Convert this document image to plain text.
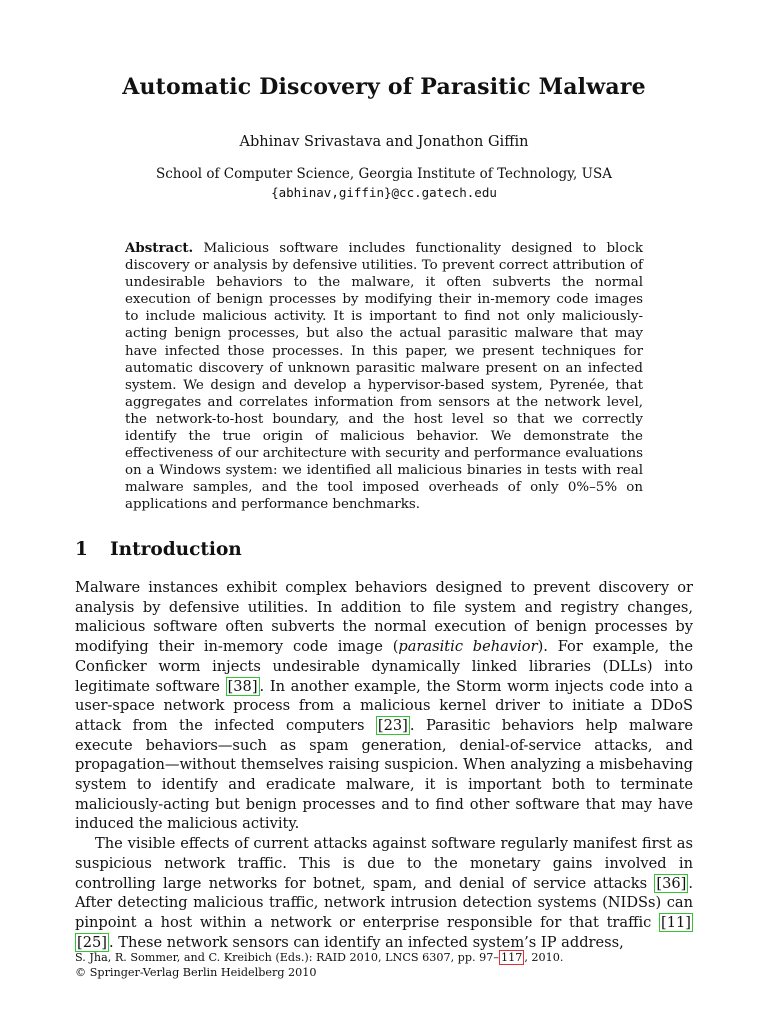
Automatic Discovery of Parasitic Malware
Abhinav Srivastava and Jonathon Giffin
School of Computer Science, Georgia Institute of Technology, USA
{abhinav,giffin}@cc.gatech.edu

Abstract. Malicious software includes functionality designed to block discovery or analysis by defensive utilities. To prevent correct attribution of undesirable behaviors to the malware, it often subverts the normal execution of benign processes by modifying their in-memory code images to include malicious activity. It is important to find not only maliciously-acting benign processes, but also the actual parasitic malware that may have infected those processes. In this paper, we present techniques for automatic discovery of unknown parasitic malware present on an infected system. We design and develop a hypervisor-based system, Pyrenée, that aggregates and correlates information from sensors at the network level, the network-to-host boundary, and the host level so that we correctly identify the true origin of malicious behavior. We demonstrate the effectiveness of our architecture with security and performance evaluations on a Windows system: we identified all malicious binaries in tests with real malware samples, and the tool imposed overheads of only 0%–5% on applications and performance benchmarks.

1 Introduction

Malware instances exhibit complex behaviors designed to prevent discovery or analysis by defensive utilities. In addition to file system and registry changes, malicious software often subverts the normal execution of benign processes by modifying their in-memory code image (parasitic behavior). For example, the Conficker worm injects undesirable dynamically linked libraries (DLLs) into legitimate software [38] . In another example, the Storm worm injects code into a user-space network process from a malicious kernel driver to initiate a DDoS attack from the infected computers [23] . Parasitic behaviors help malware execute behaviors—such as spam generation, denial-of-service attacks, and propagation—without themselves raising suspicion. When analyzing a misbehaving system to identify and eradicate malware, it is important both to terminate maliciously-acting but benign processes and to find other software that may have induced the malicious activity.

The visible effects of current attacks against software regularly manifest first as suspicious network traffic. This is due to the monetary gains involved in controlling large networks for botnet, spam, and denial of service attacks [36] . After detecting malicious traffic, network intrusion detection systems (NIDSs) can pinpoint a host within a network or enterprise responsible for that traffic [11][25] . These network sensors can identify an infected system’s IP address,

S. Jha, R. Sommer, and C. Kreibich (Eds.): RAID 2010, LNCS 6307, pp. 97– 117 , 2010.
© Springer-Verlag Berlin Heidelberg 2010
